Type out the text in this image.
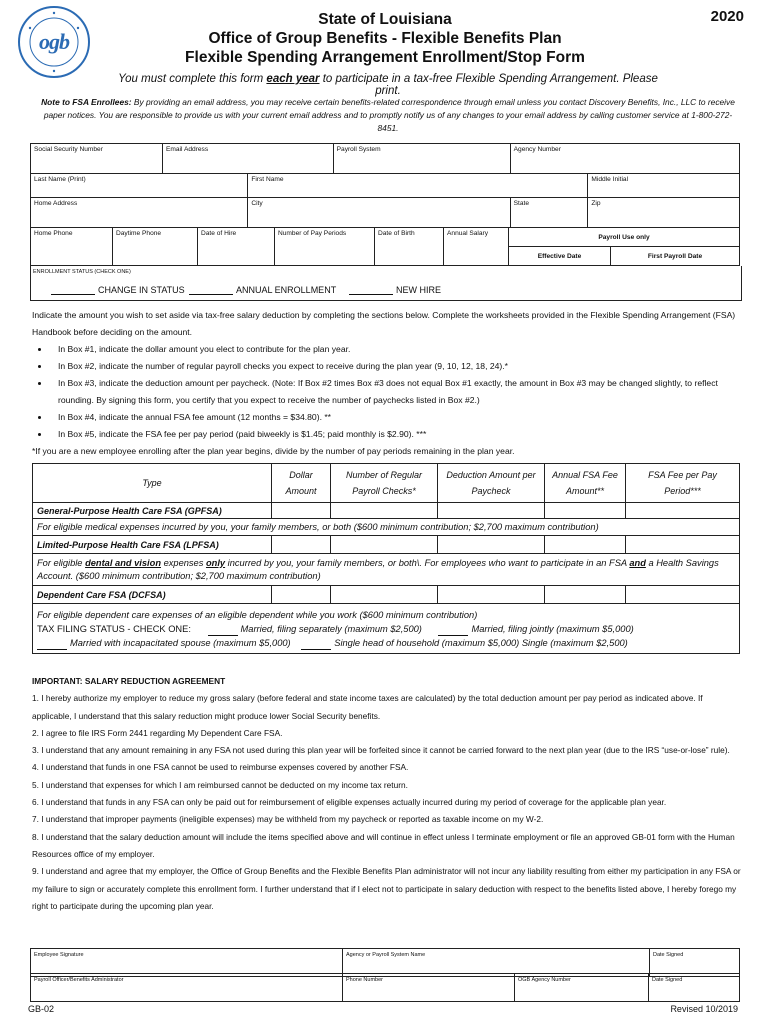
ogb
2020
State of Louisiana
Office of Group Benefits - Flexible Benefits Plan
Flexible Spending Arrangement Enrollment/Stop Form
You must complete this form each year to participate in a tax-free Flexible Spending Arrangement. Please print.
Note to FSA Enrollees: By providing an email address, you may receive certain benefits-related correspondence through email unless you contact Discovery Benefits, Inc., LLC to receive paper notices. You are responsible to provide us with your current email address and to promptly notify us of any changes to your email address by calling customer service at 1-800-272-8451.
Social Security Number	Email Address		Payroll System	Agency Number	
Last Name (Print)		First Name			Middle Initial
Home Address		City		State	Zip
Home Phone	Daytime Phone	Date of Hire	Number of Pay Periods	Date of Birth	Annual Salary	Payroll Use only	
						Effective Date	First Payroll Date
ENROLLMENT STATUS (CHECK ONE)
CHANGE IN STATUS	ANNUAL ENROLLMENT	NEW HIRE
Indicate the amount you wish to set aside via tax-free salary deduction by completing the sections below. Complete the worksheets provided in the Flexible Spending Arrangement (FSA) Handbook before deciding on the amount.
• In Box #1, indicate the dollar amount you elect to contribute for the plan year.
• In Box #2, indicate the number of regular payroll checks you expect to receive during the plan year (9, 10, 12, 18, 24).*
• In Box #3, indicate the deduction amount per paycheck. (Note: If Box #2 times Box #3 does not equal Box #1 exactly, the amount in Box #3 may be changed slightly, to reflect rounding. By signing this form, you certify that you expect to receive the number of paychecks listed in Box #2.)
• In Box #4, indicate the annual FSA fee amount (12 months = $34.80). **
• In Box #5, indicate the FSA fee per pay period (paid biweekly is $1.45; paid monthly is $2.90). ***
*If you are a new employee enrolling after the plan year begins, divide by the number of pay periods remaining in the plan year.
Type	Dollar Amount	Number of Regular Payroll Checks*	Deduction Amount per Paycheck	Annual FSA Fee Amount**	FSA Fee per Pay Period***
General-Purpose Health Care FSA (GPFSA)					
For eligible medical expenses incurred by you, your family members, or both ($600 minimum contribution; $2,700 maximum contribution)					
Limited-Purpose Health Care FSA (LPFSA)					
For eligible dental and vision expenses only incurred by you, your family members, or both\. For employees who want to participate in an FSA and a Health Savings Account. ($600 minimum contribution; $2,700 maximum contribution)					
Dependent Care FSA (DCFSA)					

For eligible dependent care expenses of an eligible dependent while you work ($600 minimum contribution)
TAX FILING STATUS - CHECK ONE: Married, filing separately (maximum $2,500) Married, filing jointly (maximum $5,000)
Married with incapacitated spouse (maximum $5,000) Single head of household (maximum $5,000) Single (maximum $2,500)					
IMPORTANT: SALARY REDUCTION AGREEMENT
1. I hereby authorize my employer to reduce my gross salary (before federal and state income taxes are calculated) by the total deduction amount per pay period as indicated above. If applicable, I understand that this salary reduction might produce lower Social Security benefits.
2. I agree to file IRS Form 2441 regarding My Dependent Care FSA.
3. I understand that any amount remaining in any FSA not used during this plan year will be forfeited since it cannot be carried forward to the next plan year (due to the IRS “use-or-lose” rule).
4. I understand that funds in one FSA cannot be used to reimburse expenses covered by another FSA.
5. I understand that expenses for which I am reimbursed cannot be deducted on my income tax return.
6. I understand that funds in any FSA can only be paid out for reimbursement of eligible expenses actually incurred during my period of coverage for the applicable plan year.
7. I understand that improper payments (ineligible expenses) may be withheld from my paycheck or reported as taxable income on my W-2.
8. I understand that the salary deduction amount will include the items specified above and will continue in effect unless I terminate employment or file an approved GB-01 form with the Human Resources office of my employer.
9. I understand and agree that my employer, the Office of Group Benefits and the Flexible Benefits Plan administrator will not incur any liability resulting from either my participation in any FSA or my failure to sign or accurately complete this enrollment form. I further understand that if I elect not to participate in salary deduction with respect to the benefits listed above, I hereby forego my right to participate during the upcoming plan year.
Employee Signature	Agency or Payroll System Name	Date Signed
Payroll Officer/Benefits Administrator	Phone Number	OGB Agency Number	Date Signed
GB-02	Revised 10/2019
